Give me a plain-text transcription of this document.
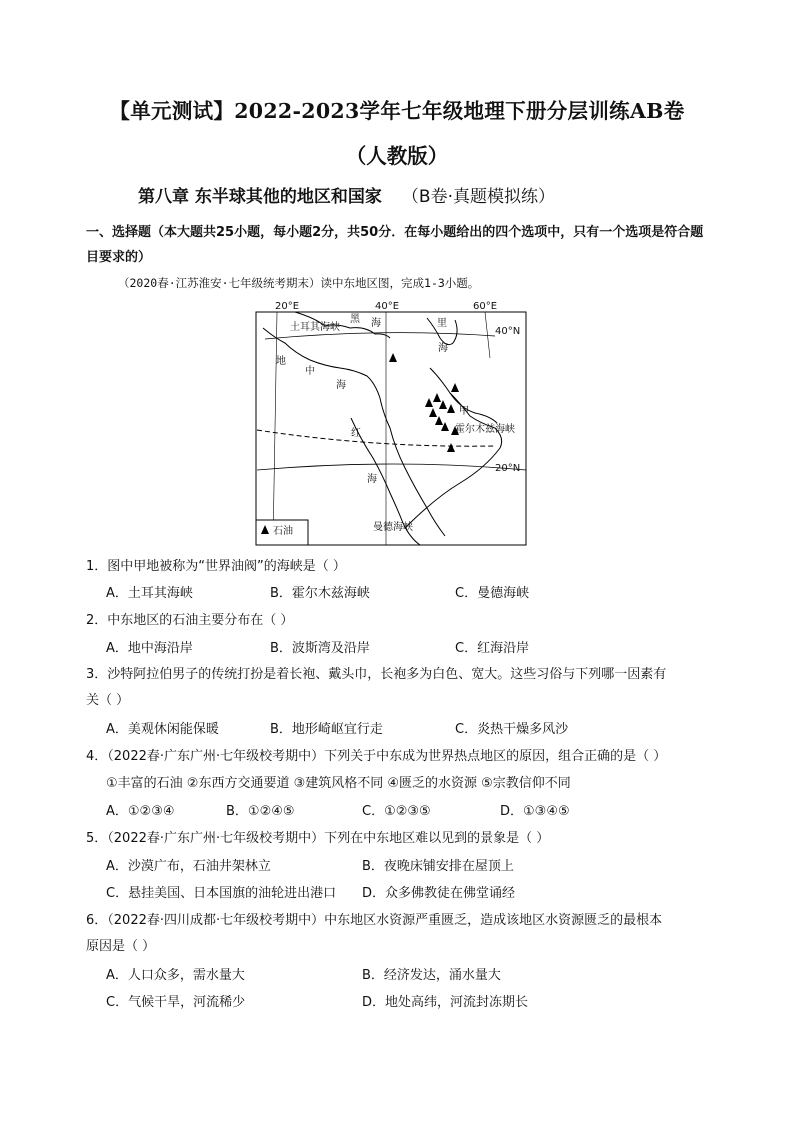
【单元测试】2022-2023学年七年级地理下册分层训练AB卷
（人教版）
第八章 东半球其他的地区和国家 （B卷·真题模拟练）
一、选择题（本大题共25小题，每小题2分，共50分．在每小题给出的四个选项中，只有一个选项是符合题目要求的）
（2020春·江苏淮安·七年级统考期末）读中东地区图，完成1-3小题。
20°E	40°E	60°E
40°N
20°N
黑 海	里
海
土耳其海峡
地
中
海
红
海
甲
霍尔木兹海峡
曼德海峡
石油
1．图中甲地被称为“世界油阀”的海峡是（ ）
A．土耳其海峡	B．霍尔木兹海峡	C．曼德海峡
2．中东地区的石油主要分布在（ ）
A．地中海沿岸	B．波斯湾及沿岸	C．红海沿岸
3．沙特阿拉伯男子的传统打扮是着长袍、戴头巾，长袍多为白色、宽大。这些习俗与下列哪一因素有
关（ ）
A．美观休闲能保暖	B．地形崎岖宜行走	C．炎热干燥多风沙
4．（2022春·广东广州·七年级校考期中）下列关于中东成为世界热点地区的原因，组合正确的是（ ）
①丰富的石油 ②东西方交通要道 ③建筑风格不同 ④匮乏的水资源 ⑤宗教信仰不同
A．①②③④	B．①②④⑤	C．①②③⑤	D．①③④⑤
5．（2022春·广东广州·七年级校考期中）下列在中东地区难以见到的景象是（ ）
A．沙漠广布，石油井架林立	B．夜晚床铺安排在屋顶上
C．悬挂美国、日本国旗的油轮进出港口 D．众多佛教徒在佛堂诵经
6．（2022春·四川成都·七年级校考期中）中东地区水资源严重匮乏，造成该地区水资源匮乏的最根本
原因是（ ）
A．人口众多，需水量大	B．经济发达，涌水量大
C．气候干旱，河流稀少	D．地处高纬，河流封冻期长
